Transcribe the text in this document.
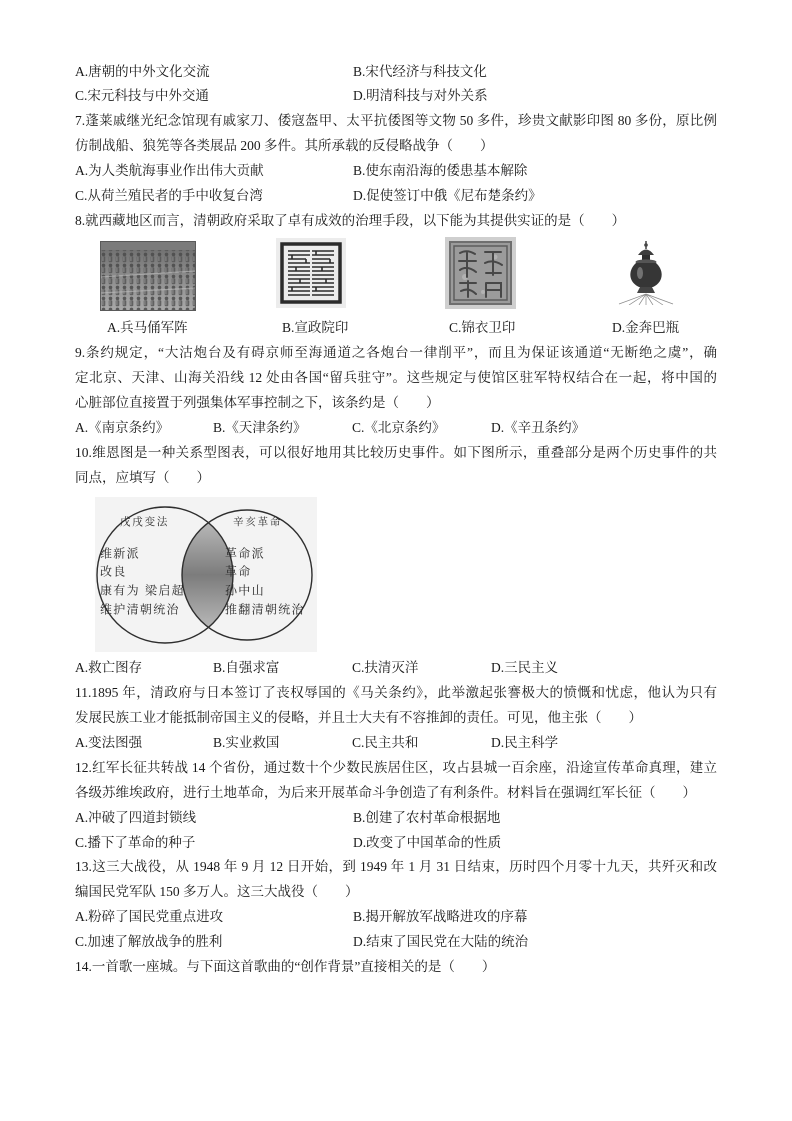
A.唐朝的中外文化交流	B.宋代经济与科技文化
C.宋元科技与中外交通	D.明清科技与对外关系
7.蓬莱戚继光纪念馆现有戚家刀、倭寇盔甲、太平抗倭图等文物 50 多件，珍贵文献影印图 80 多份，原比例
仿制战船、狼筅等各类展品 200 多件。其所承载的反侵略战争（　　）
A.为人类航海事业作出伟大贡献	B.使东南沿海的倭患基本解除
C.从荷兰殖民者的手中收复台湾	D.促使签订中俄《尼布楚条约》
8.就西藏地区而言，清朝政府采取了卓有成效的治理手段，以下能为其提供实证的是（　　）
A.兵马俑军阵	B.宣政院印	C.锦衣卫印	D.金奔巴瓶
9.条约规定，“大沽炮台及有碍京师至海通道之各炮台一律削平”，而且为保证该通道“无断绝之虞”，确
定北京、天津、山海关沿线 12 处由各国“留兵驻守”。这些规定与使馆区驻军特权结合在一起，将中国的
心脏部位直接置于列强集体军事控制之下，该条约是（　　）
A.《南京条约》	B.《天津条约》	C.《北京条约》	D.《辛丑条约》
10.维恩图是一种关系型图表，可以很好地用其比较历史事件。如下图所示，重叠部分是两个历史事件的共
同点，应填写（　　）
戊戌变法	辛亥革命
维新派
改良
康有为 梁启超
维护清朝统治
革命派
革命
孙中山
推翻清朝统治
A.救亡图存	B.自强求富	C.扶清灭洋	D.三民主义
11.1895 年，清政府与日本签订了丧权辱国的《马关条约》，此举激起张謇极大的愤慨和忧虑，他认为只有
发展民族工业才能抵制帝国主义的侵略，并且士大夫有不容推卸的责任。可见，他主张（　　）
A.变法图强	B.实业救国	C.民主共和	D.民主科学
12.红军长征共转战 14 个省份，通过数十个少数民族居住区，攻占县城一百余座，沿途宣传革命真理，建立
各级苏维埃政府，进行土地革命，为后来开展革命斗争创造了有利条件。材料旨在强调红军长征（　　）
A.冲破了四道封锁线	B.创建了农村革命根据地
C.播下了革命的种子	D.改变了中国革命的性质
13.这三大战役，从 1948 年 9 月 12 日开始，到 1949 年 1 月 31 日结束，历时四个月零十九天，共歼灭和改
编国民党军队 150 多万人。这三大战役（　　）
A.粉碎了国民党重点进攻	B.揭开解放军战略进攻的序幕
C.加速了解放战争的胜利	D.结束了国民党在大陆的统治
14.一首歌一座城。与下面这首歌曲的“创作背景”直接相关的是（　　）
